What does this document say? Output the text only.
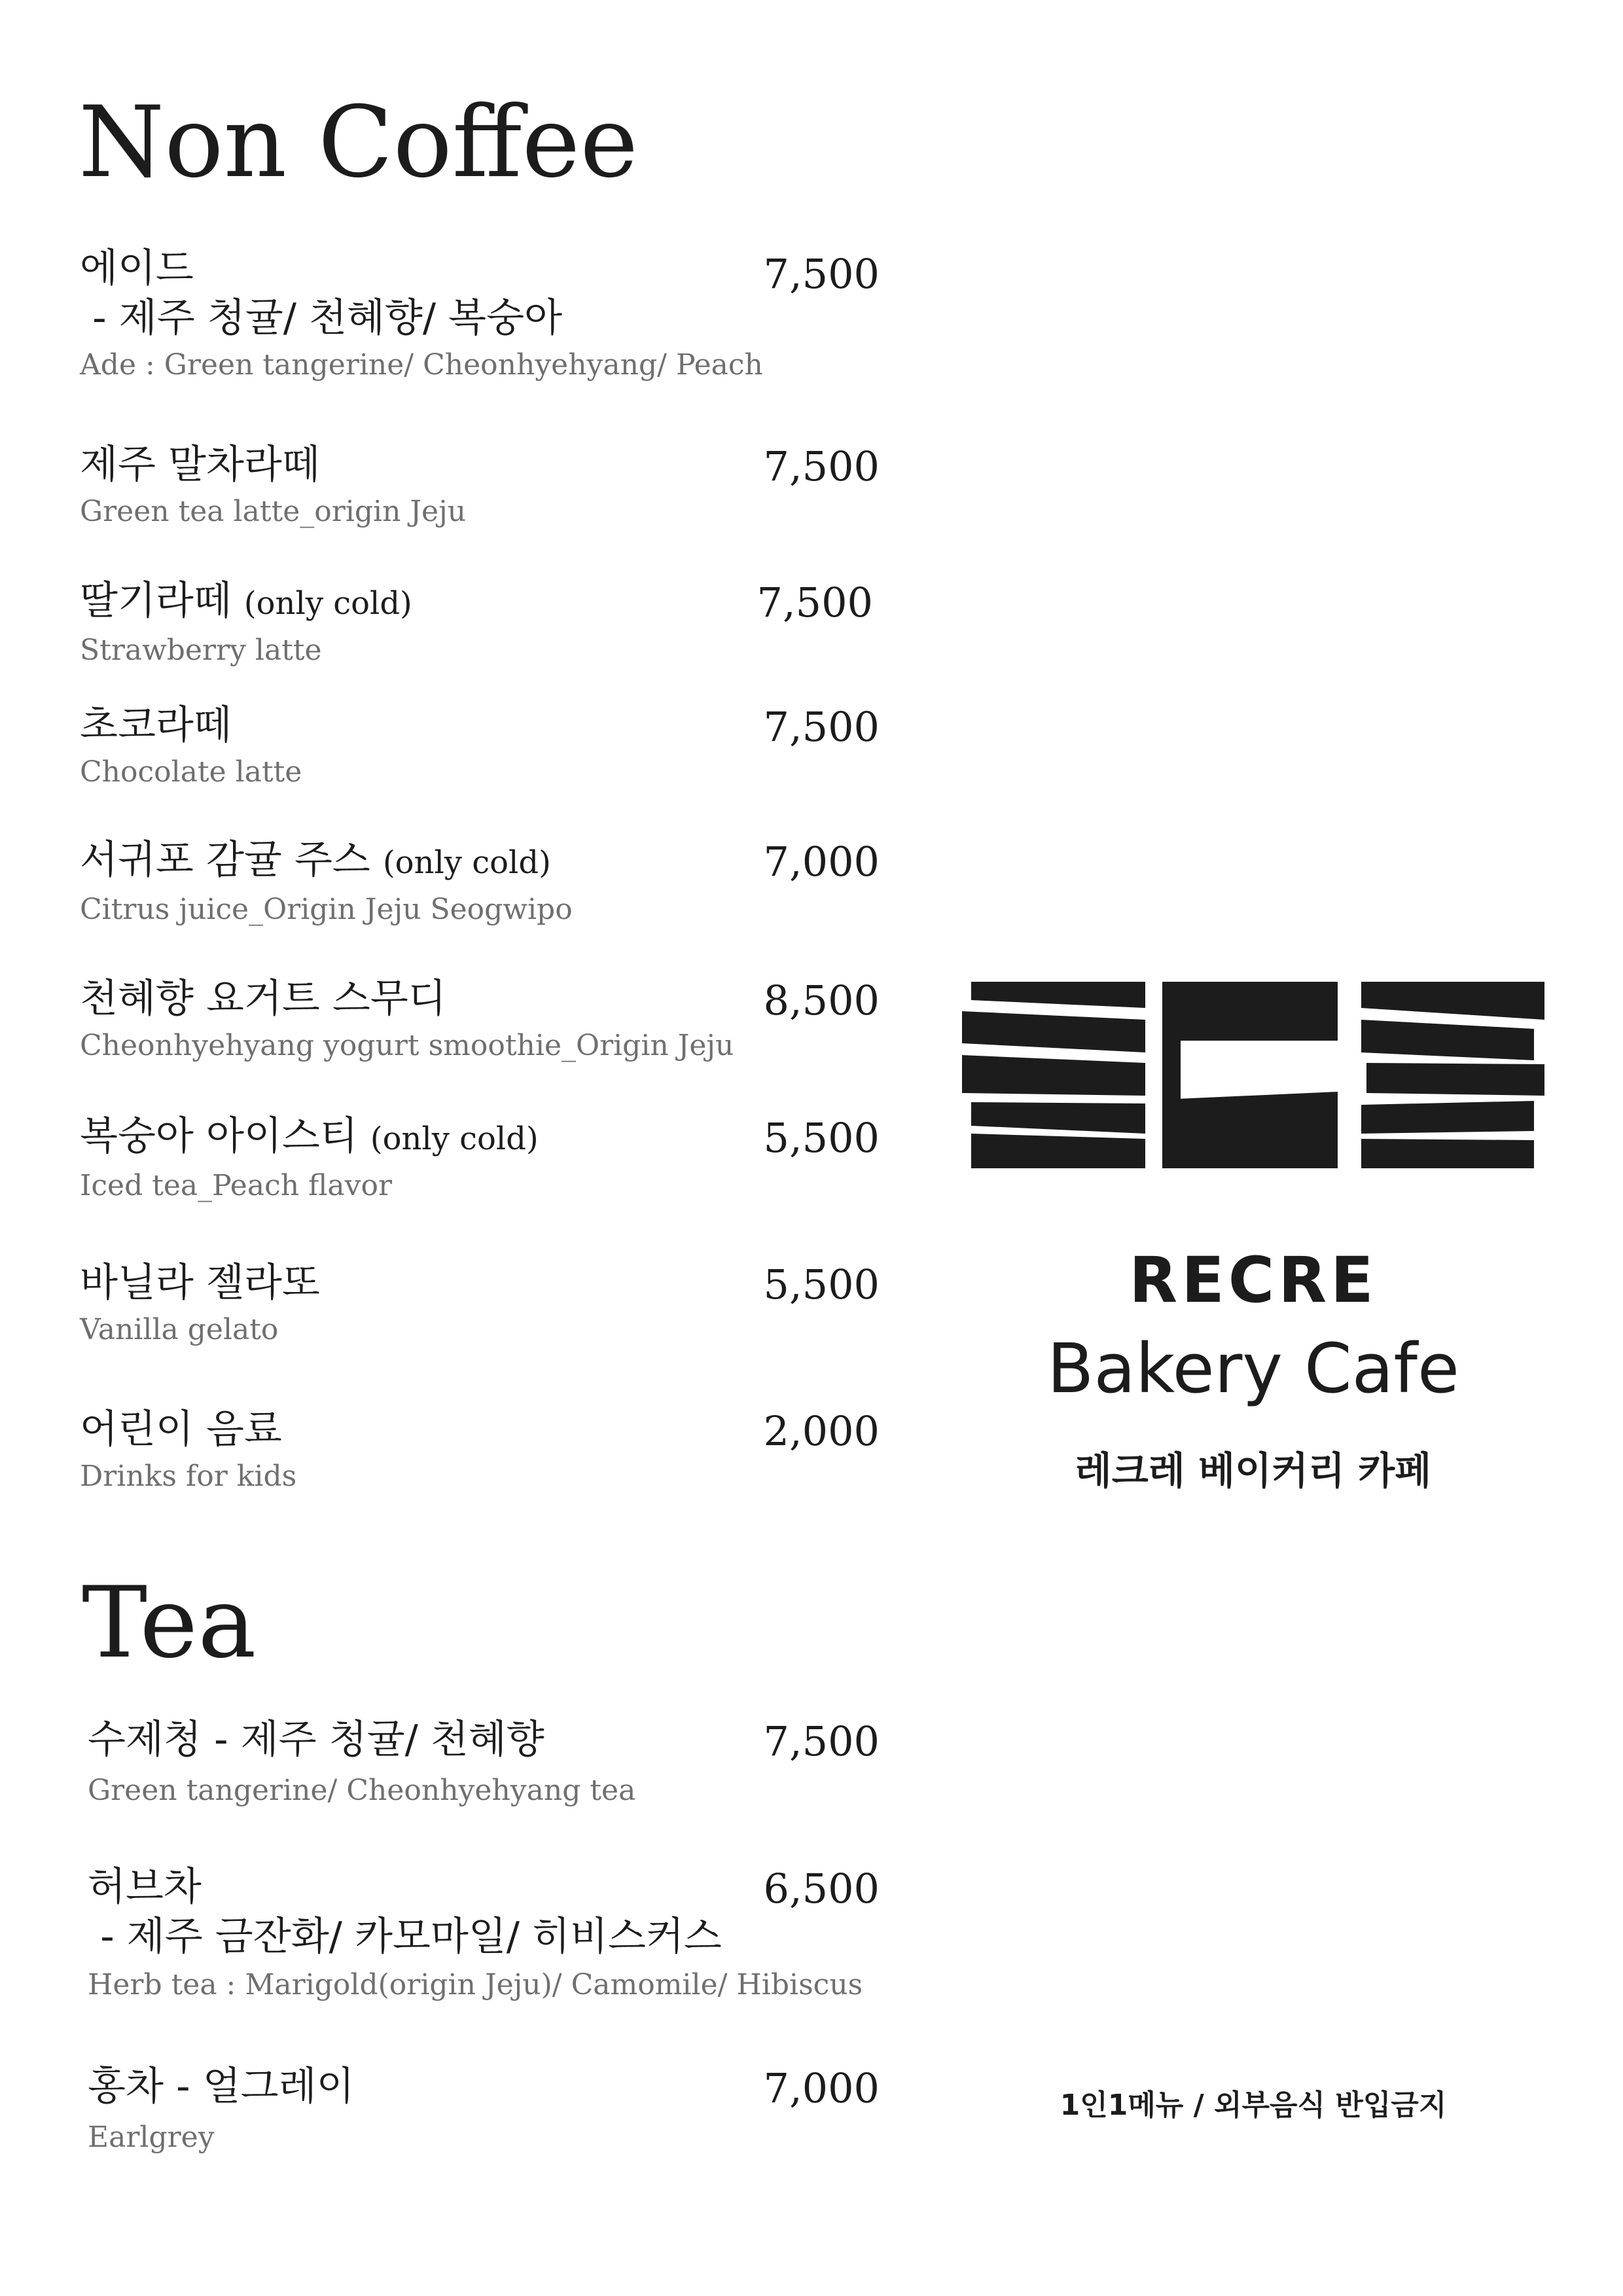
Non Coffee
에이드
- 제주 청귤/ 천혜향/ 복숭아
Ade : Green tangerine/ Cheonhyehyang/ Peach
7,500
제주 말차라떼
Green tea latte_origin Jeju
7,500
딸기라떼 (only cold)
Strawberry latte
7,500
초코라떼
Chocolate latte
7,500
서귀포 감귤 주스 (only cold)
Citrus juice_Origin Jeju Seogwipo
7,000
천혜향 요거트 스무디
Cheonhyehyang yogurt smoothie_Origin Jeju
8,500
복숭아 아이스티 (only cold)
Iced tea_Peach flavor
5,500
바닐라 젤라또
Vanilla gelato
5,500
어린이 음료
Drinks for kids
2,000
Tea
수제청 - 제주 청귤/ 천혜향
Green tangerine/ Cheonhyehyang tea
7,500
허브차
- 제주 금잔화/ 카모마일/ 히비스커스
Herb tea : Marigold(origin Jeju)/ Camomile/ Hibiscus
6,500
홍차 - 얼그레이
Earlgrey
7,000
RECRE
Bakery Cafe
레크레 베이커리 카페
1인1메뉴 / 외부음식 반입금지
